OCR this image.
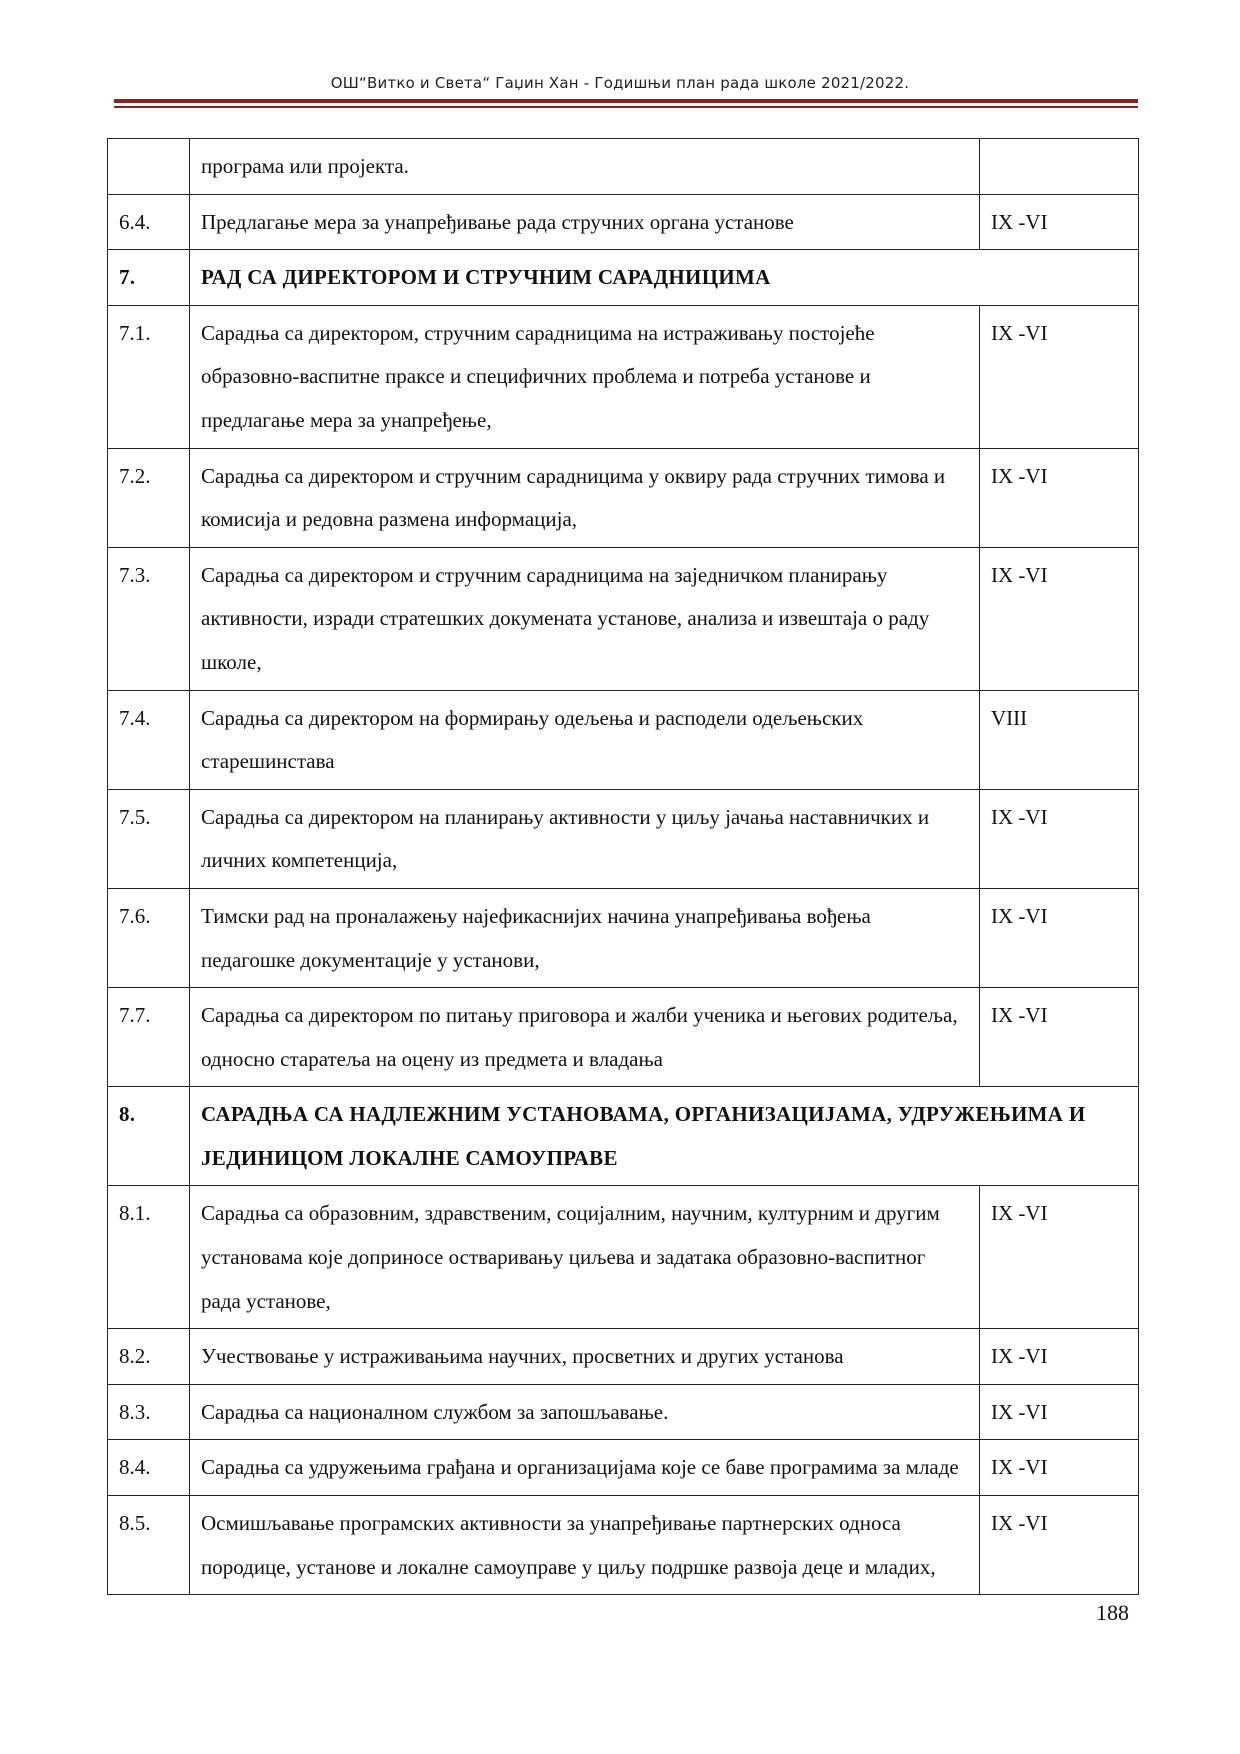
ОШ“Витко и Света“ Гаџин Хан - Годишњи план рада школе 2021/2022.
	програма или пројекта.	
6.4.	Предлагање мера за унапређивање рада стручних органа установе	IX -VI
7.	РАД СА ДИРЕКТОРОМ И СТРУЧНИМ САРАДНИЦИМА	
7.1.	Сарадња са директором, стручним сарадницима на истраживању постојеће образовно-васпитне праксе и специфичних проблема и потреба установе и предлагање мера за унапређење,	IX -VI
7.2.	Сарадња са директором и стручним сарадницима у оквиру рада стручних тимова и комисија и редовна размена информација,	IX -VI
7.3.	Сарадња са директором и стручним сарадницима на заједничком планирању активности, изради стратешких докумената установе, анализа и извештаја о раду школе,	IX -VI
7.4.	Сарадња са директором на формирању одељења и расподели одељењских старешинстава	VIII
7.5.	Сарадња са директором на планирању активности у циљу јачања наставничких и личних компетенција,	IX -VI
7.6.	Тимски рад на проналажењу најефикаснијих начина унапређивања вођења педагошке документације у установи,	IX -VI
7.7.	Сарадња са директором по питању приговора и жалби ученика и његових родитеља, односно старатеља на оцену из предмета и владања	IX -VI
8.	САРАДЊА СА НАДЛЕЖНИМ УСТАНОВАМА, ОРГАНИЗАЦИЈАМА, УДРУЖЕЊИМА И ЈЕДИНИЦОМ ЛОКАЛНЕ САМОУПРАВЕ	
8.1.	Сарадња са образовним, здравственим, социјалним, научним, културним и другим установама које доприносе остваривању циљева и задатака образовно-васпитног рада установе,	IX -VI
8.2.	Учествовање у истраживањима научних, просветних и других установа	IX -VI
8.3.	Сарадња са националном службом за запошљавање.	IX -VI
8.4.	Сарадња са удружењима грађана и организацијама које се баве програмима за младе	IX -VI
8.5.	Осмишљавање програмских активности за унапређивање партнерских односа породице, установе и локалне самоуправе у циљу подршке развоја деце и младих,	IX -VI
188
